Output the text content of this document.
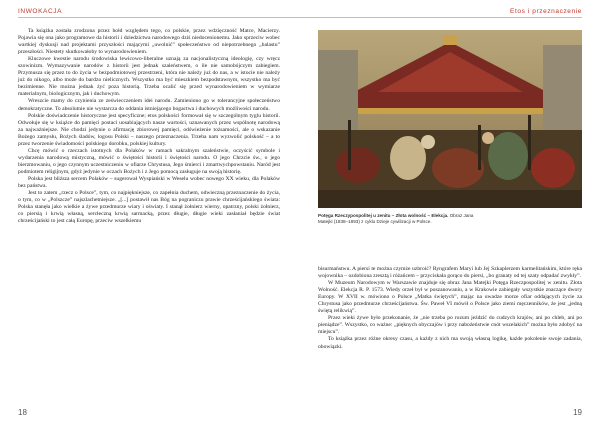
INWOKACJA

Ta książka została zrodzona przez hołd względem tego, co polskie, przez wdzięczność Matce, Macierzy. Pojawia się ona jako programowe da historii i dziedzictwa narodowego dziś niedocenionemu. Jako sprzeciw wobec wartkiej dyskusji nad projektami przyszłości mającymi „uwolnić” społeczeństwo od niepotrzebnego „balastu” przeszłości. Niestety skutkowałoby to wynarodowieniem.

Kluczowe kwestie narodu środowiska lewicowo-liberalne uznają za nacjonalistyczną ideologię, czy wręcz szowinizm. Wymazywanie narodów z historii jest jednak szaleństwem, o ile nie samobójczym zabiegiem. Przymusza się przez to do życia w bezpodmiotowej przestrzeni, która nie należy już do nas, a w istocie nie należy już do nikogo, albo może do bardzo nielicznych. Wszystko ma być mieszkiem bezpodstawnym, wszystko ma być bezimienne. Nie można jednak żyć poza historią. Trzeba ocalić się przed wynarodowieniem w wymiarze materialnym, biologicznym, jak i duchowym.

Wreszcie mamy do czynienia ze zeświecczeniem idei narodu. Zamieniono go w tolerancyjne społeczeństwo demokratyczne. To absolutnie nie wystarcza do oddania istniejącego bogactwa i duchowych możliwości narodu.

Polskie doświadczenie historyczne jest specyficzne; etos polskości formował się w szczególnym tyglu historii. Odwołuje się w książce do pamięci postaci uosabiających nasze wartości, uznawanych przez wspólnotę narodową za najważniejsze. Nie chodzi jedynie o afirmację zbiorowej pamięci, odświeżenie tożsamości, ale o wskazanie Bożego zamysłu, Bożych śladów, logosu Polski – naszego przeznaczenia. Trzeba nam wyzwolić polskość – a to przez tworzenie świadomości polskiego dorobku, polskiej kultury.

Chcę mówić o rzeczach istotnych dla Polaków w ramach sakralnym szaleństwie, oczyścić symbole i wydarzenia narodową mistyczną, mówić o świętości historii i świętości narodu. O jego Chrzcie św., o jego bierzmowaniu, o jego czynnym uczestniczeniu w ofiarze Chrystusa, Jego śmierci i zmartwychpowstaniu. Naród jest podmiotem religijnym, gdyż jedynie w oczach Bożych i z Jego pomocą zasługuje na swoją historię.

Polska jest bliższa sercem Polaków – sugerował Wyspiański w Weselu wobec nowego XX wieku, dla Polaków bez państwa.

Jest to zatem „rzecz o Polsce”, tym, co najpiękniejsze, co zapełnia duchem, odwieczną przeznaczenie do życia, o tym, co w „Polszcze” najszlachetniejsze. „[...] postawił nas Bóg na pograniczu prawie chrześcijańskiego świata: Polska stanęła jako wielkie a żywe przedmurze wiary i oświaty. I stanął żołnierz wierny, opatrzny, polski żołnierz, co piersią i krwią własną, sercłeczną krwią sarmacką, przez długie, długie wieki zasłaniał będzie świat chrześcijański to jest całą Europę, przeciw wszelkiemu

18
Etos i przeznaczenie
Potęga Rzeczypospolitej u zenitu – Złota wolność – Elekcja. Obraz Jana Matejki (1838–1893) z cyklu Dzieje cywilizacji w Polsce.

bisurmaństwu. A piersi te można czymże uzbroić? Ryngrafem Maryi lub Jej Szkaplerzem karmelitańskim, które ręka wojownika – ozdobiona zresztą i różańcem – przyciskała gorąco do piersi, „bo granaty od tej szaty odpadać zwykły”.

W Muzeum Narodowym w Warszawie znajduje się obraz Jana Matejki Potęga Rzeczpospolitej w zenitu. Złota Wolność. Elekcja R. P. 1573. Wiedy orzeł był w poszanowaniu, a w Krakowie zabiegały wszystkie znaczące dwory Europy. W XVII w. mówiono o Polsce „Matka świętych”, mając na uwadze morze ofiar oddających życie za Chrystusa jako przedmurze chrześcijaństwa. Św. Paweł VI mówił o Polsce jako ziemi męczenników, że jest „jedną świętą relikwią”.

Przez wieki żywe było przekonanie, że „nie trzeba po rozum jeździć do cudzych krajów, ani po chleb, ani po pieniądze”. Wszystko, co ważne: „pięknych obyczajów i przy nabożeństwie cnót wszelakich” można było zdobyć na miejscu”.

To książka przez różne okresy czasu, a każdy z nich ma swoją własną logikę, każde pokolenie swoje zadania, obowiązki.

19
